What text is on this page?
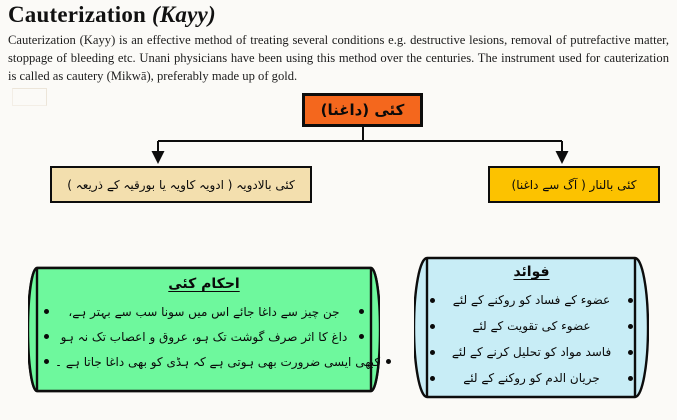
Cauterization (Kayy)

Cauterization (Kayy) is an effective method of treating several conditions e.g. destructive lesions, removal of putrefactive matter, stoppage of bleeding etc. Unani physicians have been using this method over the centuries. The instrument used for cauterization is called as cautery (Mikwā), preferably made up of gold.

کئی (داغنا)
کئی بالادویہ ( ادویہ کاویہ یا بورقیہ کے ذریعہ )	کئی بالنار ( آگ سے داغنا)
احکام کئی
جن چیز سے داغا جائے اس میں سونا سب سے بہتر ہے،
داغ کا اثر صرف گوشت تک ہو، عروق و اعصاب تک نہ ہو
کبھی ایسی ضرورت بھی ہوتی ہے کہ ہڈی کو بھی داغا جاتا ہے ۔
فوائد
عضوء کے فساد کو روکنے کے لئے
عضوء کی تقویت کے لئے
فاسد مواد کو تحلیل کرنے کے لئے
جریان الدم کو روکنے کے لئے
